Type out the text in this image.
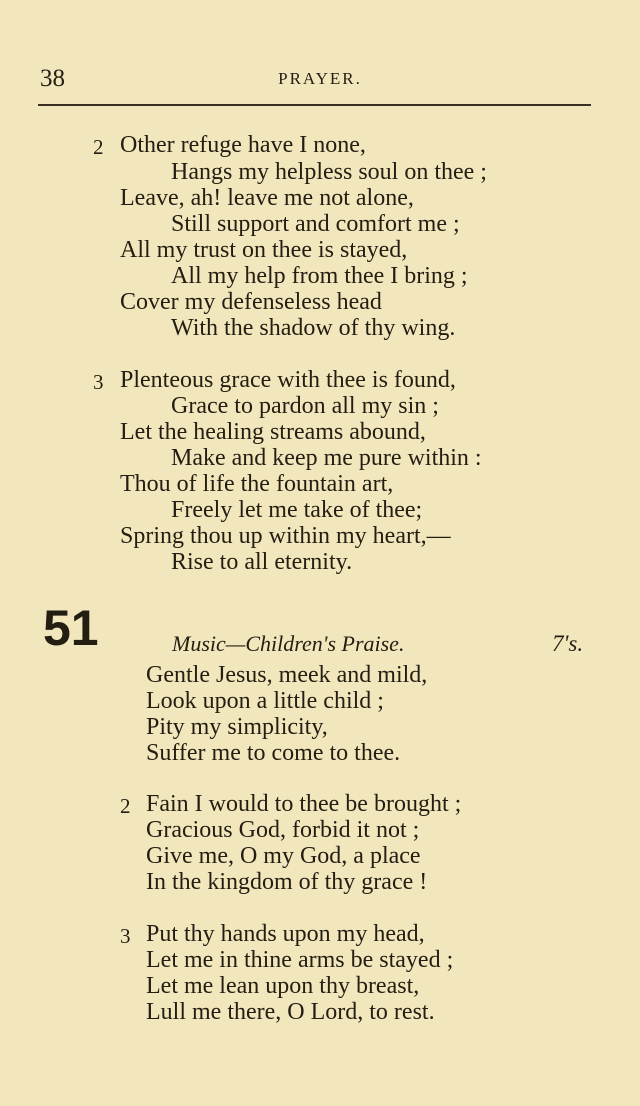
38	PRAYER.
2 Other refuge have I none,
Hangs my helpless soul on thee ;
Leave, ah! leave me not alone,
Still support and comfort me ;
All my trust on thee is stayed,
All my help from thee I bring ;
Cover my defenseless head
With the shadow of thy wing.
3 Plenteous grace with thee is found,
Grace to pardon all my sin ;
Let the healing streams abound,
Make and keep me pure within :
Thou of life the fountain art,
Freely let me take of thee;
Spring thou up within my heart,—
Rise to all eternity.
51	Music—Children's Praise.	7's.
Gentle Jesus, meek and mild,
Look upon a little child ;
Pity my simplicity,
Suffer me to come to thee.
2 Fain I would to thee be brought ;
Gracious God, forbid it not ;
Give me, O my God, a place
In the kingdom of thy grace !
3 Put thy hands upon my head,
Let me in thine arms be stayed ;
Let me lean upon thy breast,
Lull me there, O Lord, to rest.
